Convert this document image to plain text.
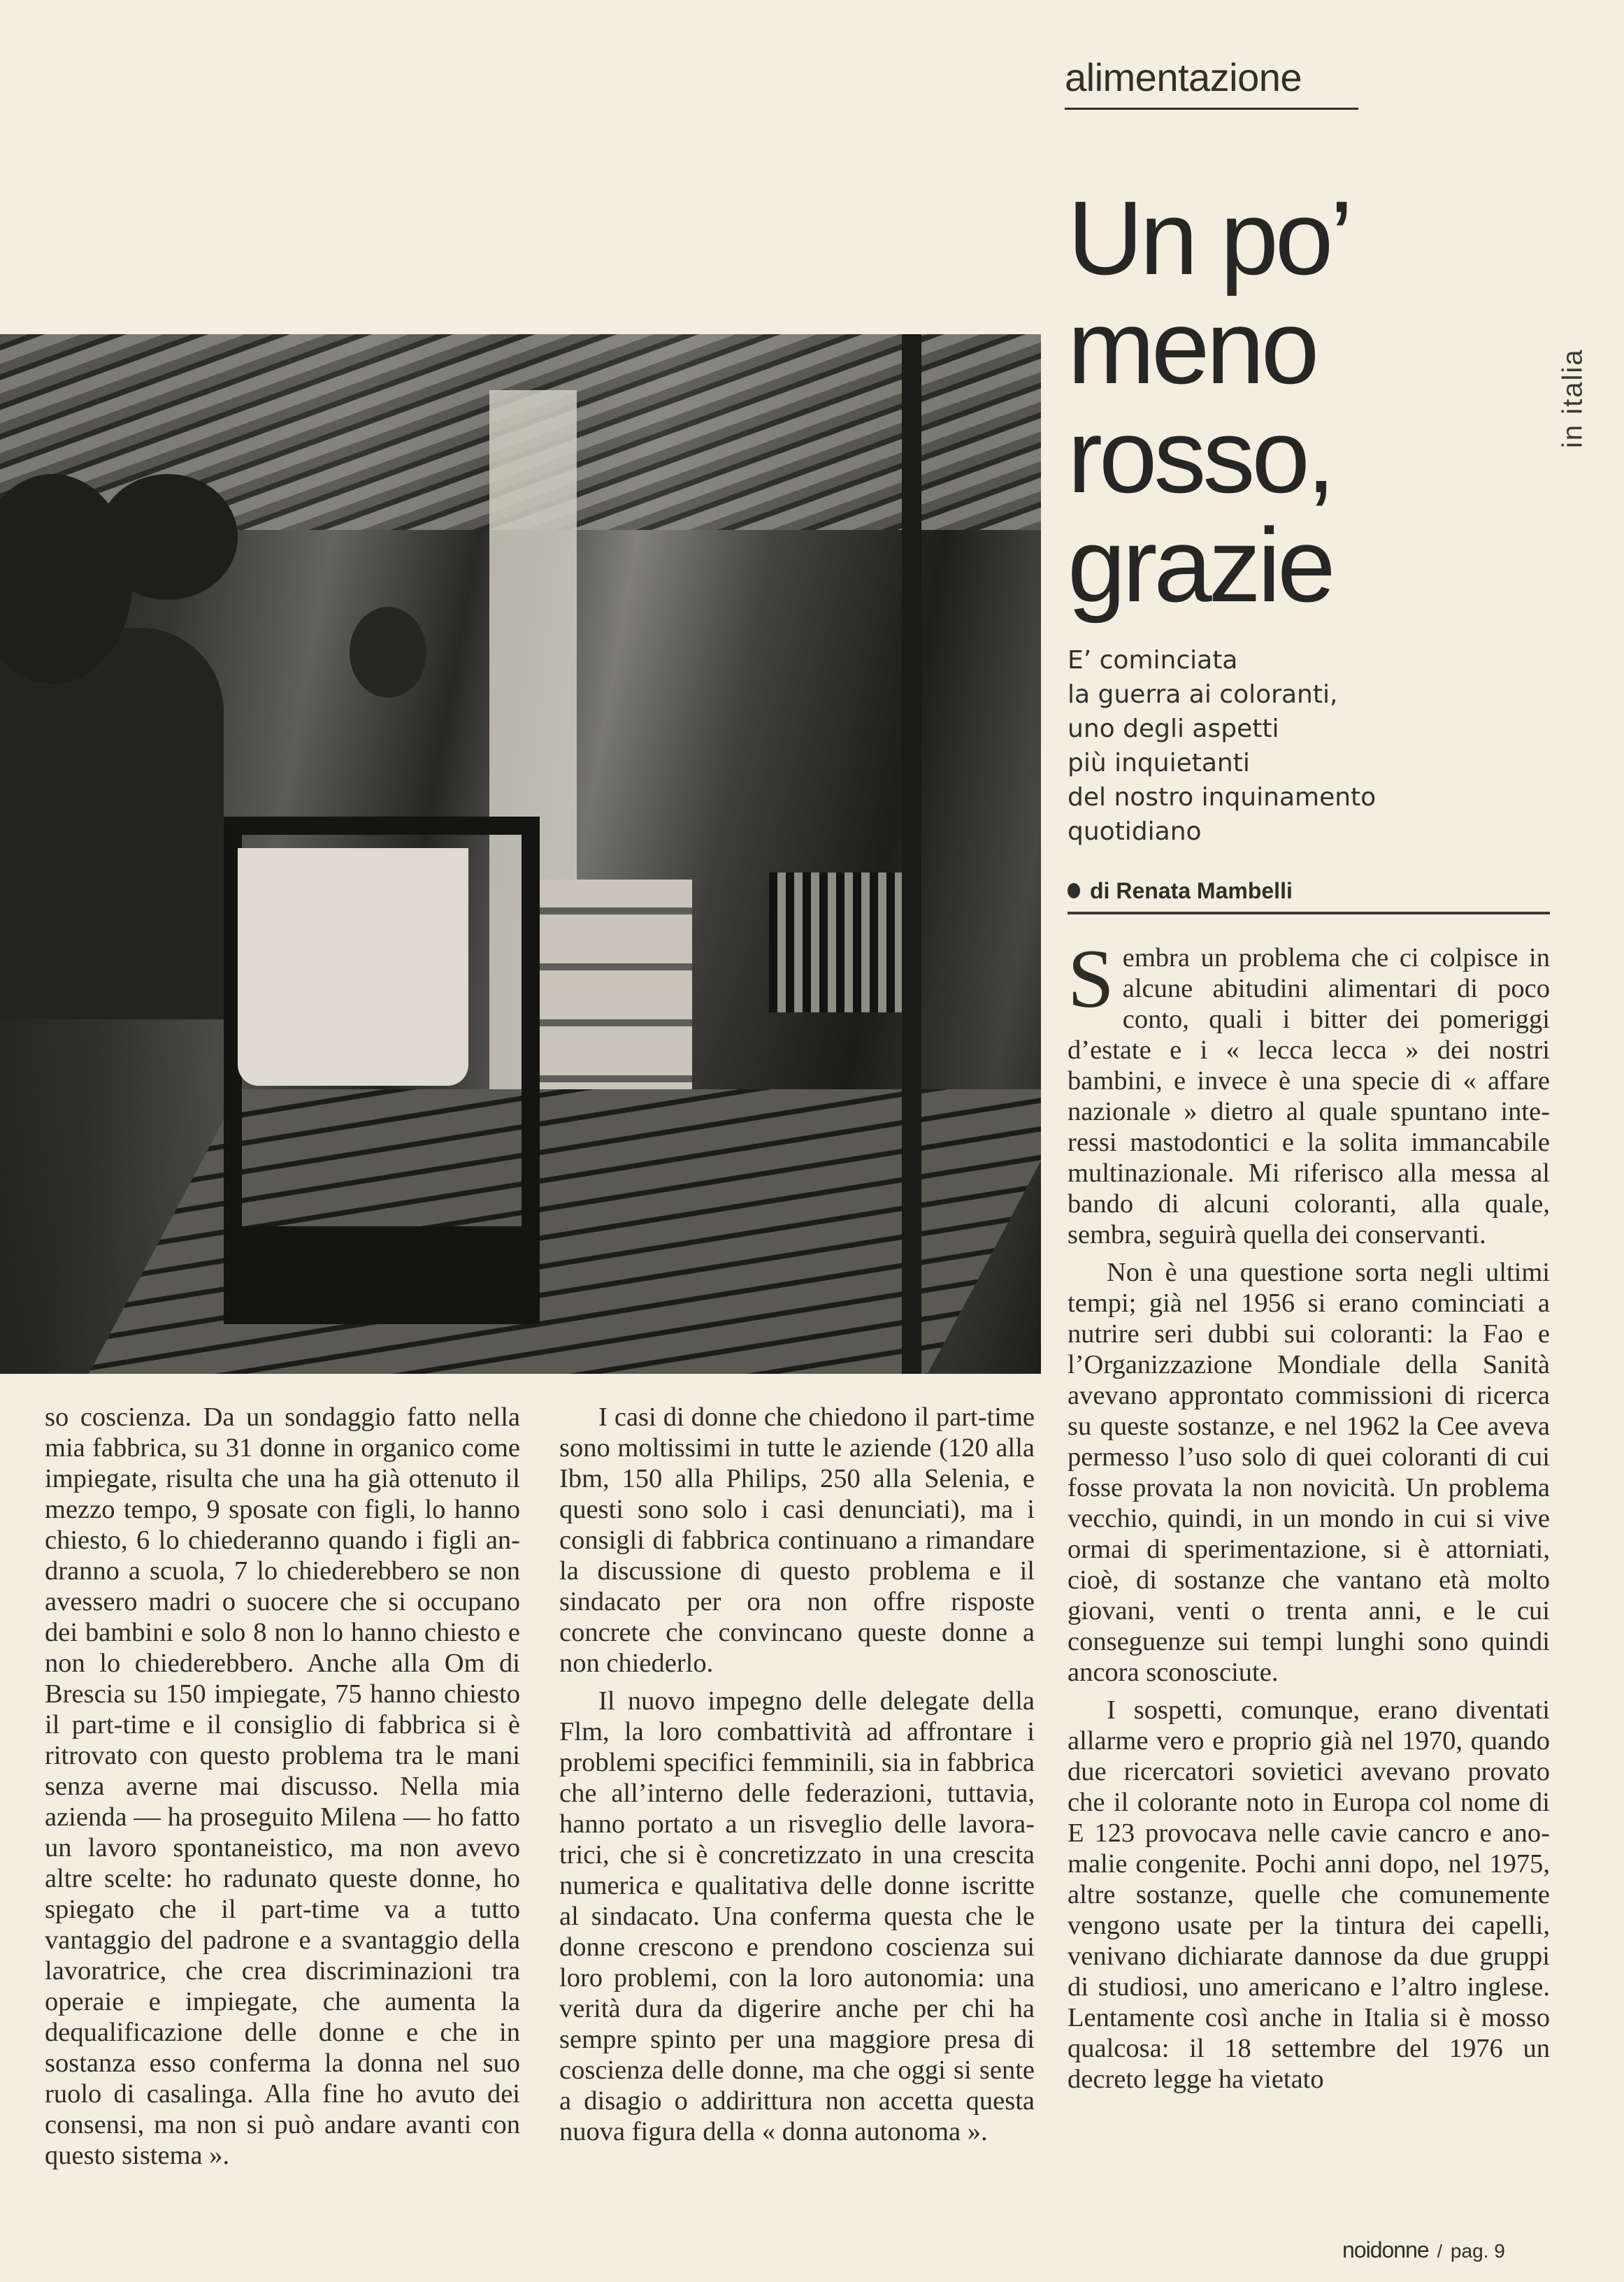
alimentazione
in italia
Un po’
meno
rosso,
grazie
E’ cominciata
la guerra ai coloranti,
uno degli aspetti
più inquietanti
del nostro inquinamento
quotidiano
di Renata Mambelli

Sembra un problema che ci colpisce in alcune abitudini alimentari di poco conto, quali i bitter dei pomeriggi d’estate e i « lecca lecca » dei nostri bambini, e invece è una specie di « affare nazionale » dietro al quale spuntano interessi mastodontici e la solita immancabile multinazionale. Mi riferisco alla messa al bando di alcuni coloranti, alla quale, sembra, seguirà quella dei conservanti.

Non è una questione sorta negli ultimi tempi; già nel 1956 si erano cominciati a nutrire seri dubbi sui coloranti: la Fao e l’Organizzazione Mondiale della Sanità avevano approntato commissioni di ricerca su queste sostanze, e nel 1962 la Cee aveva permesso l’uso solo di quei coloranti di cui fosse provata la non novicità. Un problema vecchio, quindi, in un mondo in cui si vive ormai di sperimentazione, si è attorniati, cioè, di sostanze che vantano età molto giovani, venti o trenta anni, e le cui conseguenze sui tempi lunghi sono quindi ancora sconosciute.

I sospetti, comunque, erano diventati allarme vero e proprio già nel 1970, quando due ricercatori sovietici avevano provato che il colorante noto in Europa col nome di E 123 provocava nelle cavie cancro e anomalie congenite. Pochi anni dopo, nel 1975, altre sostanze, quelle che comunemente vengono usate per la tintura dei capelli, venivano dichiarate dannose da due gruppi di studiosi, uno americano e l’altro inglese. Lentamente così anche in Italia si è mosso qualcosa: il 18 settembre del 1976 un decreto legge ha vietato

so coscienza. Da un sondaggio fatto nella mia fabbrica, su 31 donne in organico come impiegate, risulta che una ha già ottenuto il mezzo tempo, 9 sposate con figli, lo hanno chiesto, 6 lo chiederanno quando i figli andranno a scuola, 7 lo chiederebbero se non avessero madri o suocere che si occupano dei bambini e solo 8 non lo hanno chiesto e non lo chiederebbero. Anche alla Om di Brescia su 150 impiegate, 75 hanno chiesto il part-time e il consiglio di fabbrica si è ritrovato con questo problema tra le mani senza averne mai discusso. Nella mia azienda — ha proseguito Milena — ho fatto un lavoro spontaneistico, ma non avevo altre scelte: ho radunato queste donne, ho spiegato che il part-time va a tutto vantaggio del padrone e a svantaggio della lavoratrice, che crea discriminazioni tra operaie e impiegate, che aumenta la dequalificazione delle donne e che in sostanza esso conferma la donna nel suo ruolo di casalinga. Alla fine ho avuto dei consensi, ma non si può andare avanti con questo sistema ».

I casi di donne che chiedono il part-time sono moltissimi in tutte le aziende (120 alla Ibm, 150 alla Philips, 250 alla Selenia, e questi sono solo i casi denunciati), ma i consigli di fabbrica continuano a rimandare la discussione di questo problema e il sindacato per ora non offre risposte concrete che convincano queste donne a non chiederlo.

Il nuovo impegno delle delegate della Flm, la loro combattività ad affrontare i problemi specifici femminili, sia in fabbrica che all’interno delle federazioni, tuttavia, hanno portato a un risveglio delle lavoratrici, che si è concretizzato in una crescita numerica e qualitativa delle donne iscritte al sindacato. Una conferma questa che le donne crescono e prendono coscienza sui loro problemi, con la loro autonomia: una verità dura da digerire anche per chi ha sempre spinto per una maggiore presa di coscienza delle donne, ma che oggi si sente a disagio o addirittura non accetta questa nuova figura della « donna autonoma ».

noidonne / pag. 9
